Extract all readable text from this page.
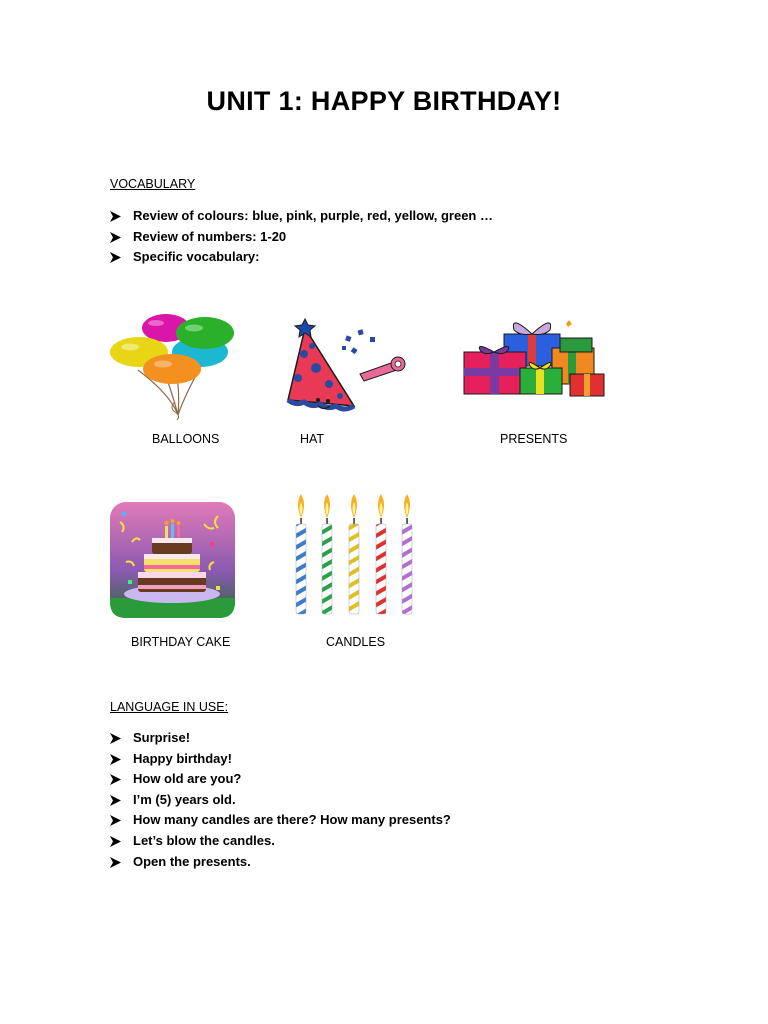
UNIT 1: HAPPY BIRTHDAY!
VOCABULARY
Review of colours: blue, pink, purple, red, yellow, green …
Review of numbers: 1-20
Specific vocabulary:
BALLOONS	HAT	PRESENTS
BIRTHDAY CAKE	CANDLES
LANGUAGE IN USE:
Surprise!
Happy birthday!
How old are you?
I’m (5) years old.
How many candles are there? How many presents?
Let’s blow the candles.
Open the presents.
